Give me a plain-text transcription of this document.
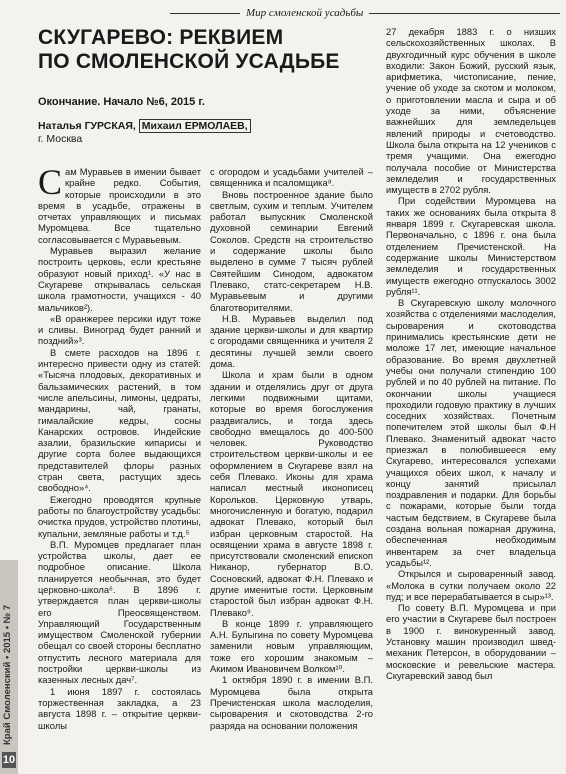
Мир смоленской усадьбы
Край Смоленский • 2015 • № 7
10
СКУГАРЕВО: РЕКВИЕМ
ПО СМОЛЕНСКОЙ УСАДЬБЕ
Окончание. Начало №6, 2015 г.
Наталья ГУРСКАЯ, Михаил ЕРМОЛАЕВ,
г. Москва

Сам Муравьев в имении бывает крайне редко. События, которые происходили в это время в усадьбе, отражены в отчетах управляющих и письмах Муромцева. Все тщательно согласовывается с Муравьевым.

Муравьев выразил желание построить церковь, если крестьяне образуют новый приход¹. «У нас в Скугареве открывалась сельская школа грамотности, учащихся - 40 мальчиков²).

«В оранжерее персики идут тоже и сливы. Виноград будет ранний и поздний»³.

В смете расходов на 1896 г. интересно привести одну из статей: «Тысяча плодовых, декоративных и бальзамических растений, в том числе апельсины, лимоны, цедраты, мандарины, чай, гранаты, гималайские кедры, сосны Канарских островов. Индейские азалии, бразильские кипарисы и другие сорта более выдающихся представителей флоры разных стран света, растущих здесь свободно»⁴.

Ежегодно проводятся крупные работы по благоустройству усадьбы: очистка прудов, устройство плотины, купальни, земляные работы и т.д.⁵

В.П. Муромцев предлагает план устройства школы, дает ее подробное описание. Школа планируется необычная, это будет церковно-школа⁶. В 1896 г. утверждается план церкви-школы его Преосвященством. Управляющий Государственным имуществом Смоленской губернии обещал со своей стороны бесплатно отпустить лесного материала для постройки церкви-школы из казенных лесных дач⁷.

1 июня 1897 г. состоялась торжественная закладка, а 23 августа 1898 г. – открытие церкви-школы

с огородом и усадьбами учителей – священника и псаломщика⁸.

Вновь построенное здание было светлым, сухим и теплым. Учителем работал выпускник Смоленской духовной семинарии Евгений Соколов. Средств на строительство и содержание школы было выделено в сумме 7 тысяч рублей Святейшим Синодом, адвокатом Плевако, статс-секретарем Н.В. Муравьевым и другими благотворителями.

Н.В. Муравьев выделил под здание церкви-школы и для квартир с огородами священника и учителя 2 десятины лучшей земли своего дома.

Школа и храм были в одном здании и отделялись друг от друга легкими подвижными щитами, которые во время богослужения раздвигались, и тогда здесь свободно вмещалось до 400-500 человек. Руководство строительством церкви-школы и ее оформлением в Скугареве взял на себя Плевако. Иконы для храма написал местный иконописец Корольков. Церковную утварь, многочисленную и богатую, подарил адвокат Плевако, который был избран церковным старостой. На освящении храма в августе 1898 г. присутствовали смоленский епископ Никанор, губернатор В.О. Сосновский, адвокат Ф.Н. Плевако и другие именитые гости. Церковным старостой был избран адвокат Ф.Н. Плевако⁹.

В конце 1899 г. управляющего А.Н. Булыгина по совету Муромцева заменили новым управляющим, тоже его хорошим знакомым – Акимом Ивановичем Волком¹⁰.

1 октября 1890 г. в имении В.П. Муромцева была открыта Пречистенская школа маслоделия, сыроварения и скотоводства 2-го разряда на основании положения

27 декабря 1883 г. о низших сельскохозяйственных школах. В двухгодичный курс обучения в школе входили: Закон Божий, русский язык, арифметика, чистописание, пение, учение об уходе за скотом и молоком, о приготовлении масла и сыра и об уходе за ними, объяснение важнейших для земледельцев явлений природы и счетоводство. Школа была открыта на 12 учеников с тремя учащими. Она ежегодно получала пособие от Министерства земледелия и государственных имуществ в 2702 рубля.

При содействии Муромцева на таких же основаниях была открыта 8 января 1899 г. Скугаревская школа. Первоначально, с 1896 г. она была отделением Пречистенской. На содержание школы Министерством земледелия и государственных имуществ ежегодно отпускалось 3002 рубля¹¹.

В Скугаревскую школу молочного хозяйства с отделениями маслоделия, сыроварения и скотоводства принимались крестьянские дети не моложе 17 лет, имеющие начальное образование. Во время двухлетней учебы они получали стипендию 100 рублей и по 40 рублей на питание. По окончании школы учащиеся проходили годовую практику в лучших соседних хозяйствах. Почетным попечителем этой школы был Ф.Н Плевако. Знаменитый адвокат часто приезжал в полюбившееся ему Скугарево, интересовался успехами учащихся обеих школ, к началу и концу занятий присылал поздравления и подарки. Для борьбы с пожарами, которые были тогда частым бедствием, в Скугареве была создана вольная пожарная дружина, обеспеченная необходимым инвентарем за счет владельца усадьбы¹².

Открылся и сыроваренный завод. «Молока в сутки получаем около 22 пуд; и все перерабатывается в сыр»¹³.

По совету В.П. Муромцева и при его участии в Скугареве был построен в 1900 г. винокуренный завод. Установку машин производил швед-механик Петерсон, в оборудовании – московские и ревельские мастера. Скугаревский завод был
